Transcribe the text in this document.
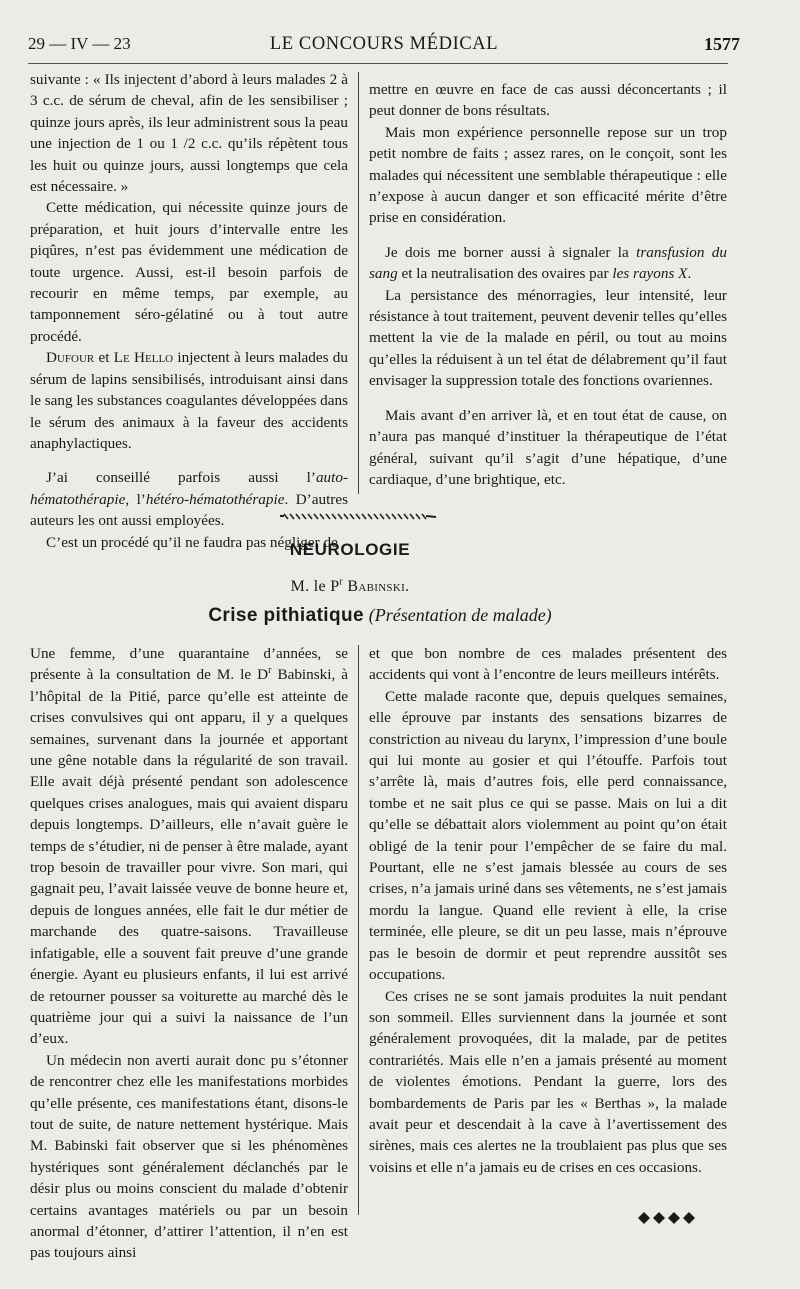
29 — IV — 23	LE CONCOURS MÉDICAL	1577

suivante : « Ils injectent d’abord à leurs malades 2 à 3 c.c. de sérum de cheval, afin de les sensibiliser ; quinze jours après, ils leur administrent sous la peau une injection de 1 ou 1 /2 c.c. qu’ils répètent tous les huit ou quinze jours, aussi longtemps que cela est nécessaire. »

Cette médication, qui nécessite quinze jours de préparation, et huit jours d’intervalle entre les piqûres, n’est pas évidemment une médication de toute urgence. Aussi, est-il besoin parfois de recourir en même temps, par exemple, au tamponnement séro-gélatiné ou à tout autre procédé.

Dufour et Le Hello injectent à leurs malades du sérum de lapins sensibilisés, introduisant ainsi dans le sang les substances coagulantes développées dans le sérum des animaux à la faveur des accidents anaphylactiques.

J’ai conseillé parfois aussi l’auto-hématothérapie, l’hétéro-hématothérapie. D’autres auteurs les ont aussi employées.

C’est un procédé qu’il ne faudra pas négliger de

mettre en œuvre en face de cas aussi déconcertants ; il peut donner de bons résultats.

Mais mon expérience personnelle repose sur un trop petit nombre de faits ; assez rares, on le conçoit, sont les malades qui nécessitent une semblable thérapeutique : elle n’expose à aucun danger et son efficacité mérite d’être prise en considération.

Je dois me borner aussi à signaler la transfusion du sang et la neutralisation des ovaires par les rayons X.

La persistance des ménorragies, leur intensité, leur résistance à tout traitement, peuvent devenir telles qu’elles mettent la vie de la malade en péril, ou tout au moins qu’elles la réduisent à un tel état de délabrement qu’il faut envisager la suppression totale des fonctions ovariennes.

Mais avant d’en arriver là, et en tout état de cause, on n’aura pas manqué d’instituer la thérapeutique de l’état général, suivant qu’il s’agit d’une hépatique, d’une cardiaque, d’une brightique, etc.

NEUROLOGIE
M. le $P^r$ Babinski.
Crise pithiatique (Présentation de malade)

Une femme, d’une quarantaine d’années, se présente à la consultation de M. le $D^r$ Babinski, à l’hôpital de la Pitié, parce qu’elle est atteinte de crises convulsives qui ont apparu, il y a quelques semaines, survenant dans la journée et apportant une gêne notable dans la régularité de son travail. Elle avait déjà présenté pendant son adolescence quelques crises analogues, mais qui avaient disparu depuis longtemps. D’ailleurs, elle n’avait guère le temps de s’étudier, ni de penser à être malade, ayant trop besoin de travailler pour vivre. Son mari, qui gagnait peu, l’avait laissée veuve de bonne heure et, depuis de longues années, elle fait le dur métier de marchande des quatre-saisons. Travailleuse infatigable, elle a souvent fait preuve d’une grande énergie. Ayant eu plusieurs enfants, il lui est arrivé de retourner pousser sa voiturette au marché dès le quatrième jour qui a suivi la naissance de l’un d’eux.

Un médecin non averti aurait donc pu s’étonner de rencontrer chez elle les manifestations morbides qu’elle présente, ces manifestations étant, disons-le tout de suite, de nature nettement hystérique. Mais M. Babinski fait observer que si les phénomènes hystériques sont généralement déclanchés par le désir plus ou moins conscient du malade d’obtenir certains avantages matériels ou par un besoin anormal d’étonner, d’attirer l’attention, il n’en est pas toujours ainsi

et que bon nombre de ces malades présentent des accidents qui vont à l’encontre de leurs meilleurs intérêts.

Cette malade raconte que, depuis quelques semaines, elle éprouve par instants des sensations bizarres de constriction au niveau du larynx, l’impression d’une boule qui lui monte au gosier et qui l’étouffe. Parfois tout s’arrête là, mais d’autres fois, elle perd connaissance, tombe et ne sait plus ce qui se passe. Mais on lui a dit qu’elle se débattait alors violemment au point qu’on était obligé de la tenir pour l’empêcher de se faire du mal. Pourtant, elle ne s’est jamais blessée au cours de ses crises, n’a jamais uriné dans ses vêtements, ne s’est jamais mordu la langue. Quand elle revient à elle, la crise terminée, elle pleure, se dit un peu lasse, mais n’éprouve pas le besoin de dormir et peut reprendre aussitôt ses occupations.

Ces crises ne se sont jamais produites la nuit pendant son sommeil. Elles surviennent dans la journée et sont généralement provoquées, dit la malade, par de petites contrariétés. Mais elle n’en a jamais présenté au moment de violentes émotions. Pendant la guerre, lors des bombardements de Paris par les « Berthas », la malade avait peur et descendait à la cave à l’avertissement des sirènes, mais ces alertes ne la troublaient pas plus que ses voisins et elle n’a jamais eu de crises en ces occasions.
